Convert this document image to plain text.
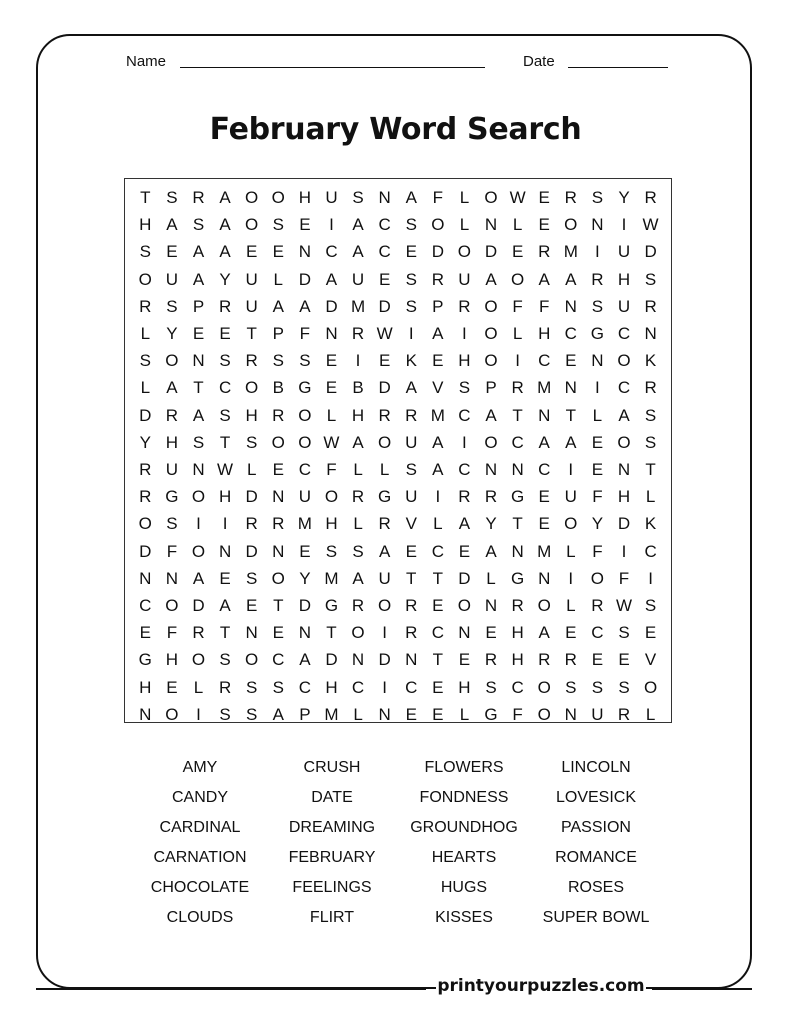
Name	Date
February Word Search
T S R A O O H U S N A F L O W E R S Y R
H A S A O S E	I	A C S O L N L E O N	I W
S E A A E E N C A C E D O D E R M	I	U D
O U A Y U L D A U E S R U A O A A R H S
R S P R U A A D M D S P R O F F N S U R
L Y E E T P F N R W I	A	I	O L H C G C N
S O N S R S S E	I	E K E H O	I	C E N O K
L A T C O B G E B D A V S P R M N	I	C R
D R A S H R O L H R R M C A T N T L A S
Y H S T S O O W A O U A	I	O C A A E O S
R U N W L E C F L	L S A C N N C	I	E N T
R G O H D N U O R G U	I	R R G E U F H L
O S	I	I	R R M H L R V L A Y T E O Y D K
D F O N D N E S S A E C E A N M L F	I	C
N N A E S O Y M A U T T D L G N	I	O F	I
C O D A E T D G R O R E O N R O L R W S
E F R T N E N T O	I	R C N E H A E C S E
G H O S O C A D N D N T E R H R R E E V
H E L R S S C H C	I	C E H S C O S S S O
N O	I	S S A P M L N E E L G F O N U R L
AMY
CANDY
CARDINAL
CARNATION
CHOCOLATE
CLOUDS
CRUSH
DATE
DREAMING
FEBRUARY
FEELINGS
FLIRT
FLOWERS
FONDNESS
GROUNDHOG
HEARTS
HUGS
KISSES
LINCOLN
LOVESICK
PASSION
ROMANCE
ROSES
SUPER BOWL
printyourpuzzles.com
